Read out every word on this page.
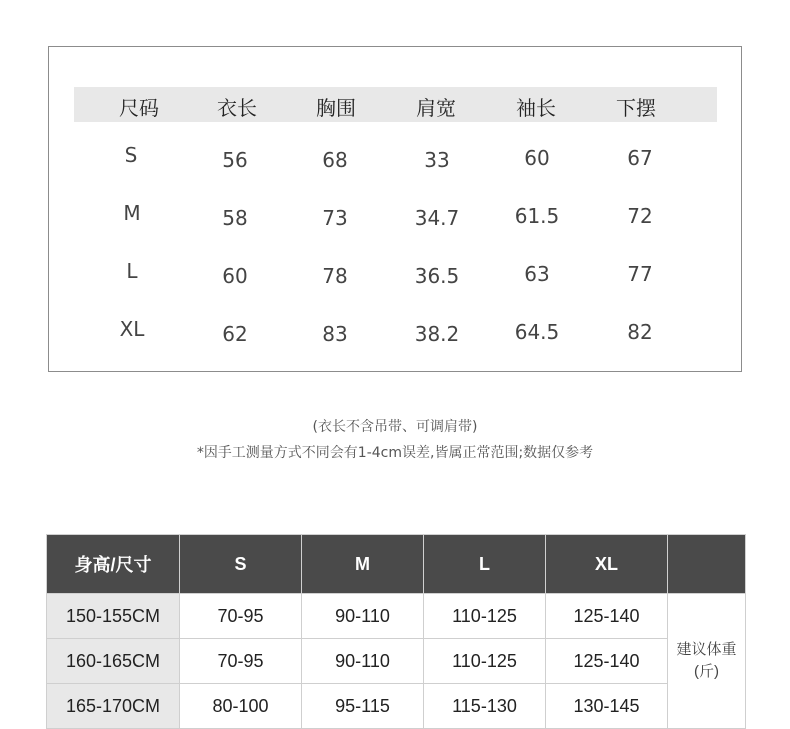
尺码	衣长	胸围	肩宽	袖长	下摆
S	56	68	33	60	67
M	58	73	34.7	61.5	72
L	60	78	36.5	63	77
XL	62	83	38.2	64.5	82
(衣长不含吊带、可调肩带)
*因手工测量方式不同会有1-4cm误差,皆属正常范围;数据仅参考
身高/尺寸	S	M	L	XL	
150-155CM	70-95	90-110	110-125	125-140	建议体重
(斤)
160-165CM	70-95	90-110	110-125	125-140	
165-170CM	80-100	95-115	115-130	130-145	
